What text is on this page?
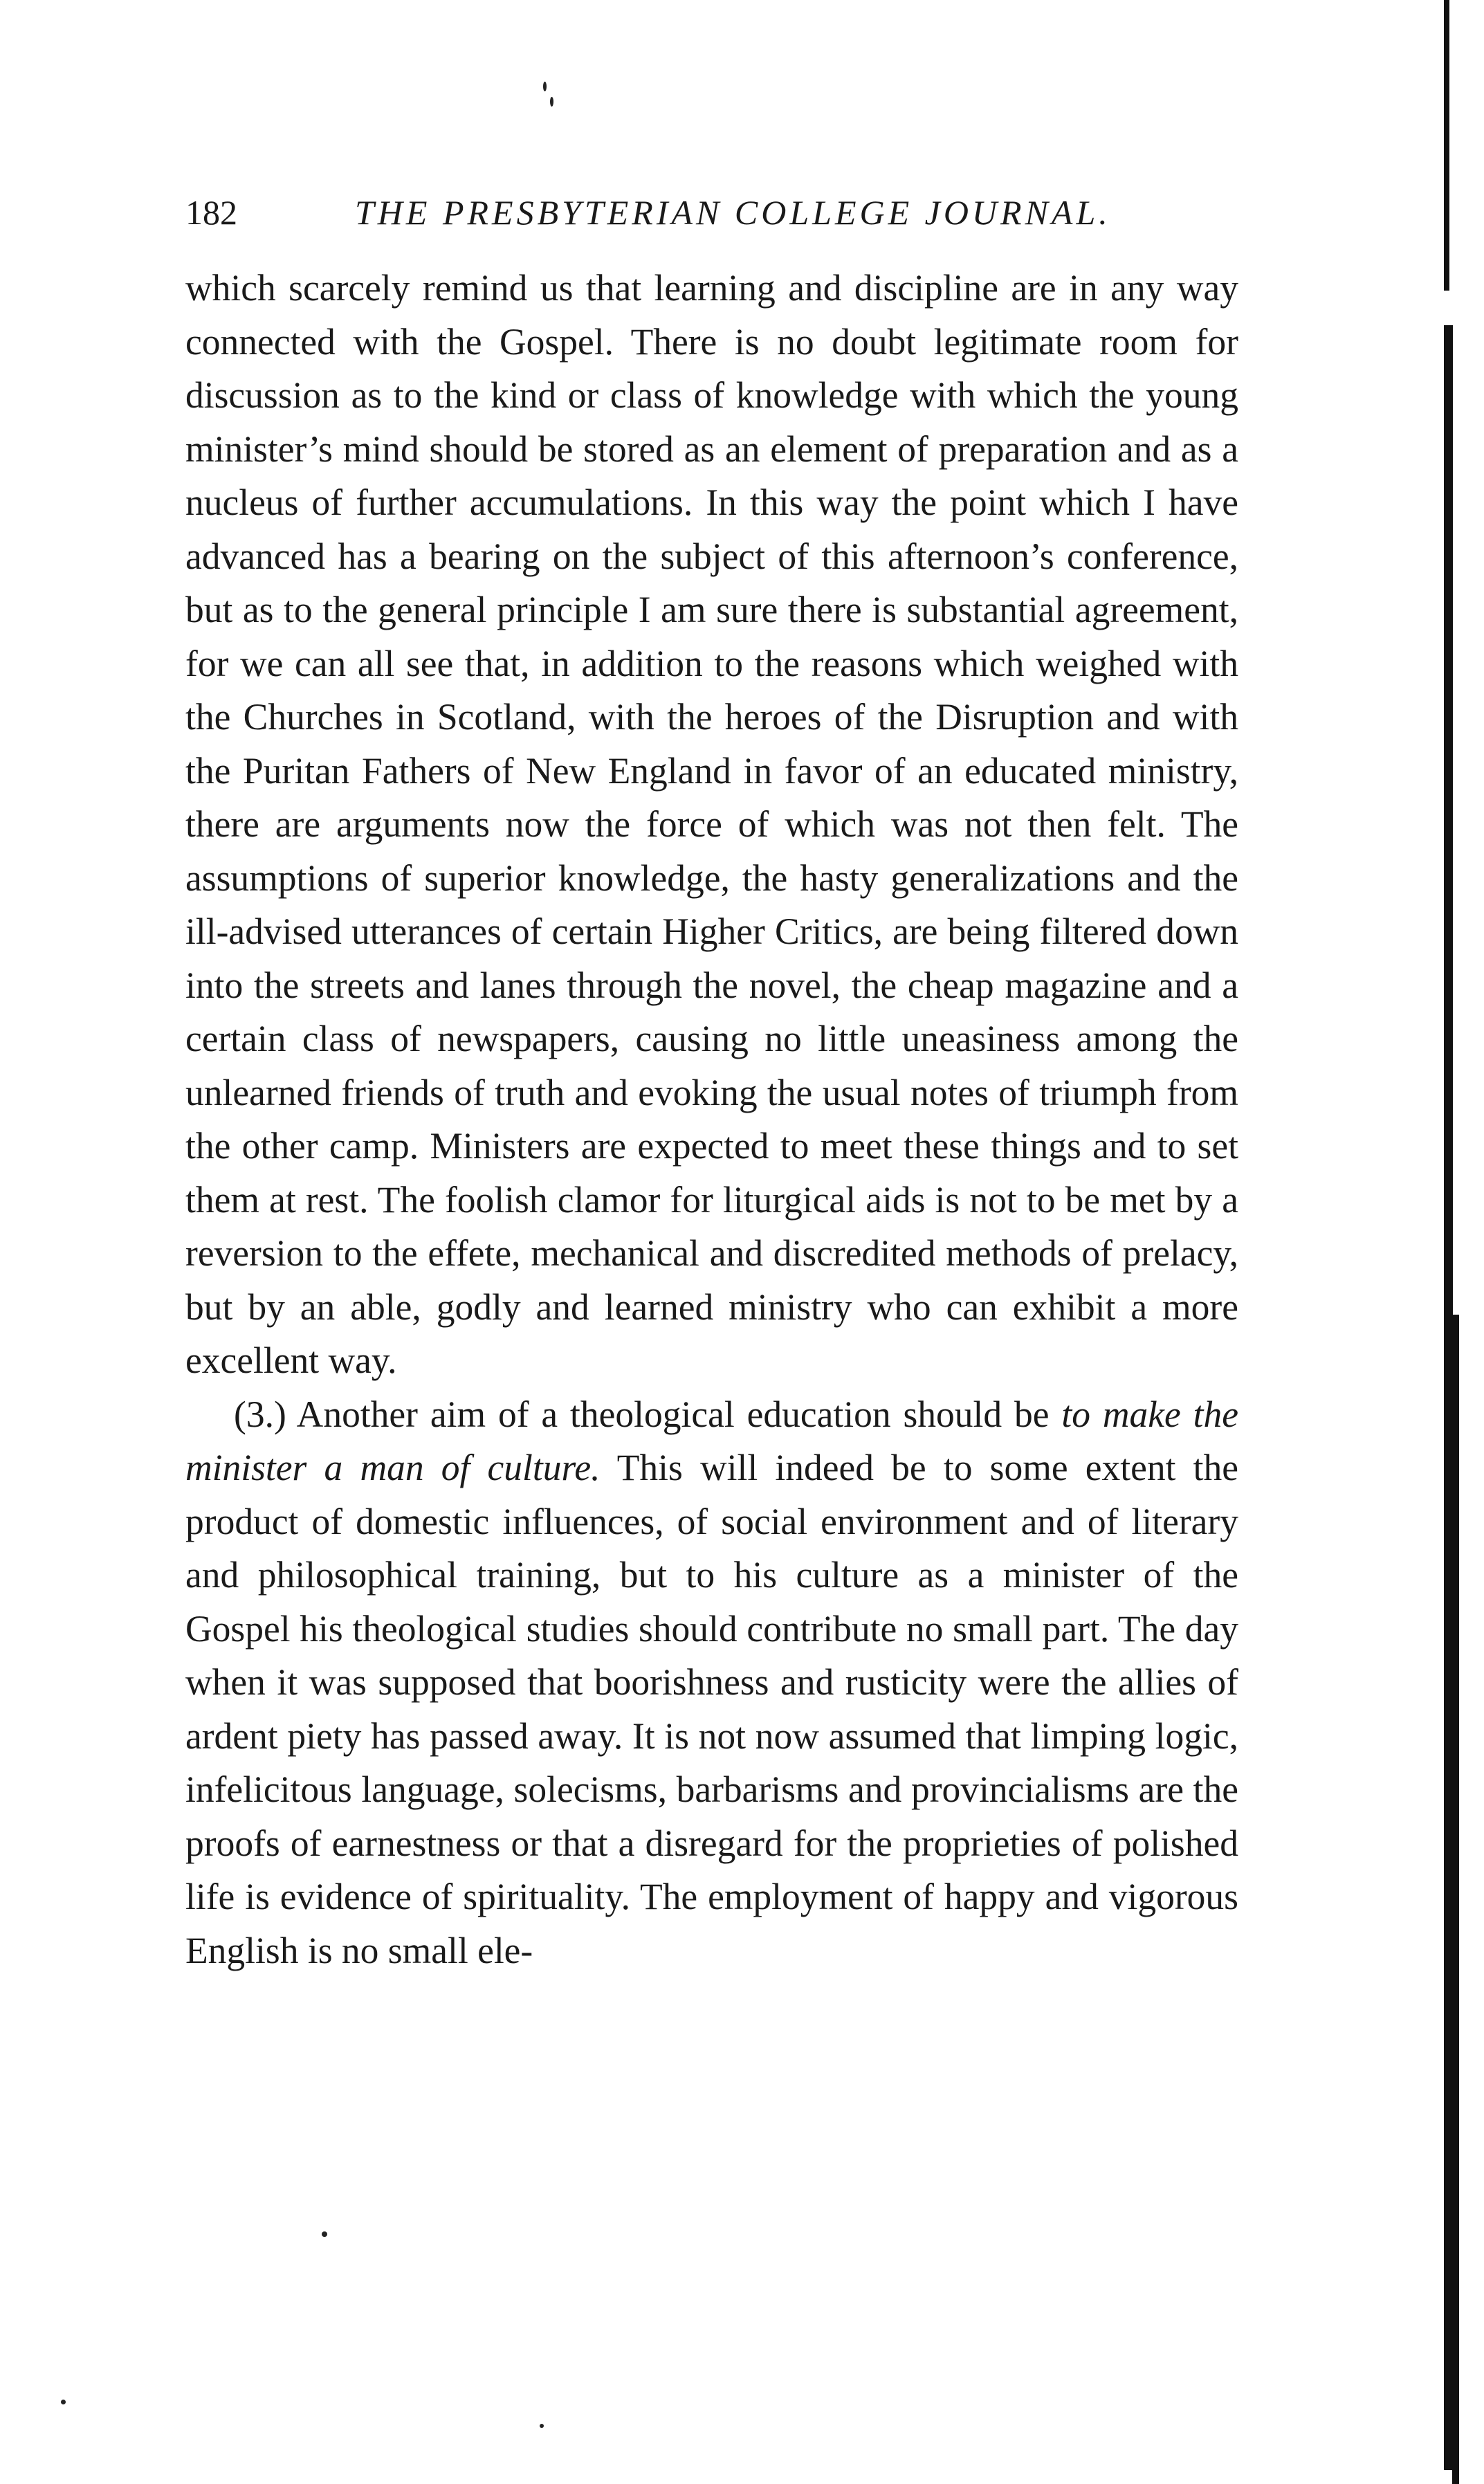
182	THE PRESBYTERIAN COLLEGE JOURNAL.

which scarcely remind us that learning and discipline are in any way connected with the Gospel. There is no doubt legitimate room for discussion as to the kind or class of knowledge with which the young minister’s mind should be stored as an element of preparation and as a nucleus of further accumulations. In this way the point which I have advanced has a bearing on the subject of this afternoon’s conference, but as to the general principle I am sure there is substantial agreement, for we can all see that, in addition to the reasons which weighed with the Churches in Scotland, with the heroes of the Disruption and with the Puritan Fathers of New England in favor of an educated ministry, there are arguments now the force of which was not then felt. The assumptions of superior knowledge, the hasty generalizations and the ill-advised utterances of certain Higher Critics, are being filtered down into the streets and lanes through the novel, the cheap magazine and a certain class of newspapers, causing no little uneasiness among the unlearned friends of truth and evoking the usual notes of triumph from the other camp. Ministers are expected to meet these things and to set them at rest. The foolish clamor for liturgical aids is not to be met by a reversion to the effete, mechanical and discredited methods of prelacy, but by an able, godly and learned ministry who can exhibit a more excellent way.

(3.) Another aim of a theological education should be to make the minister a man of culture. This will indeed be to some extent the product of domestic influences, of social environment and of literary and philosophical training, but to his culture as a minister of the Gospel his theological studies should contribute no small part. The day when it was supposed that boorishness and rusticity were the allies of ardent piety has passed away. It is not now assumed that limping logic, infelicitous language, solecisms, barbarisms and provincialisms are the proofs of earnestness or that a disregard for the proprieties of polished life is evidence of spirituality. The employment of happy and vigorous English is no small ele-
